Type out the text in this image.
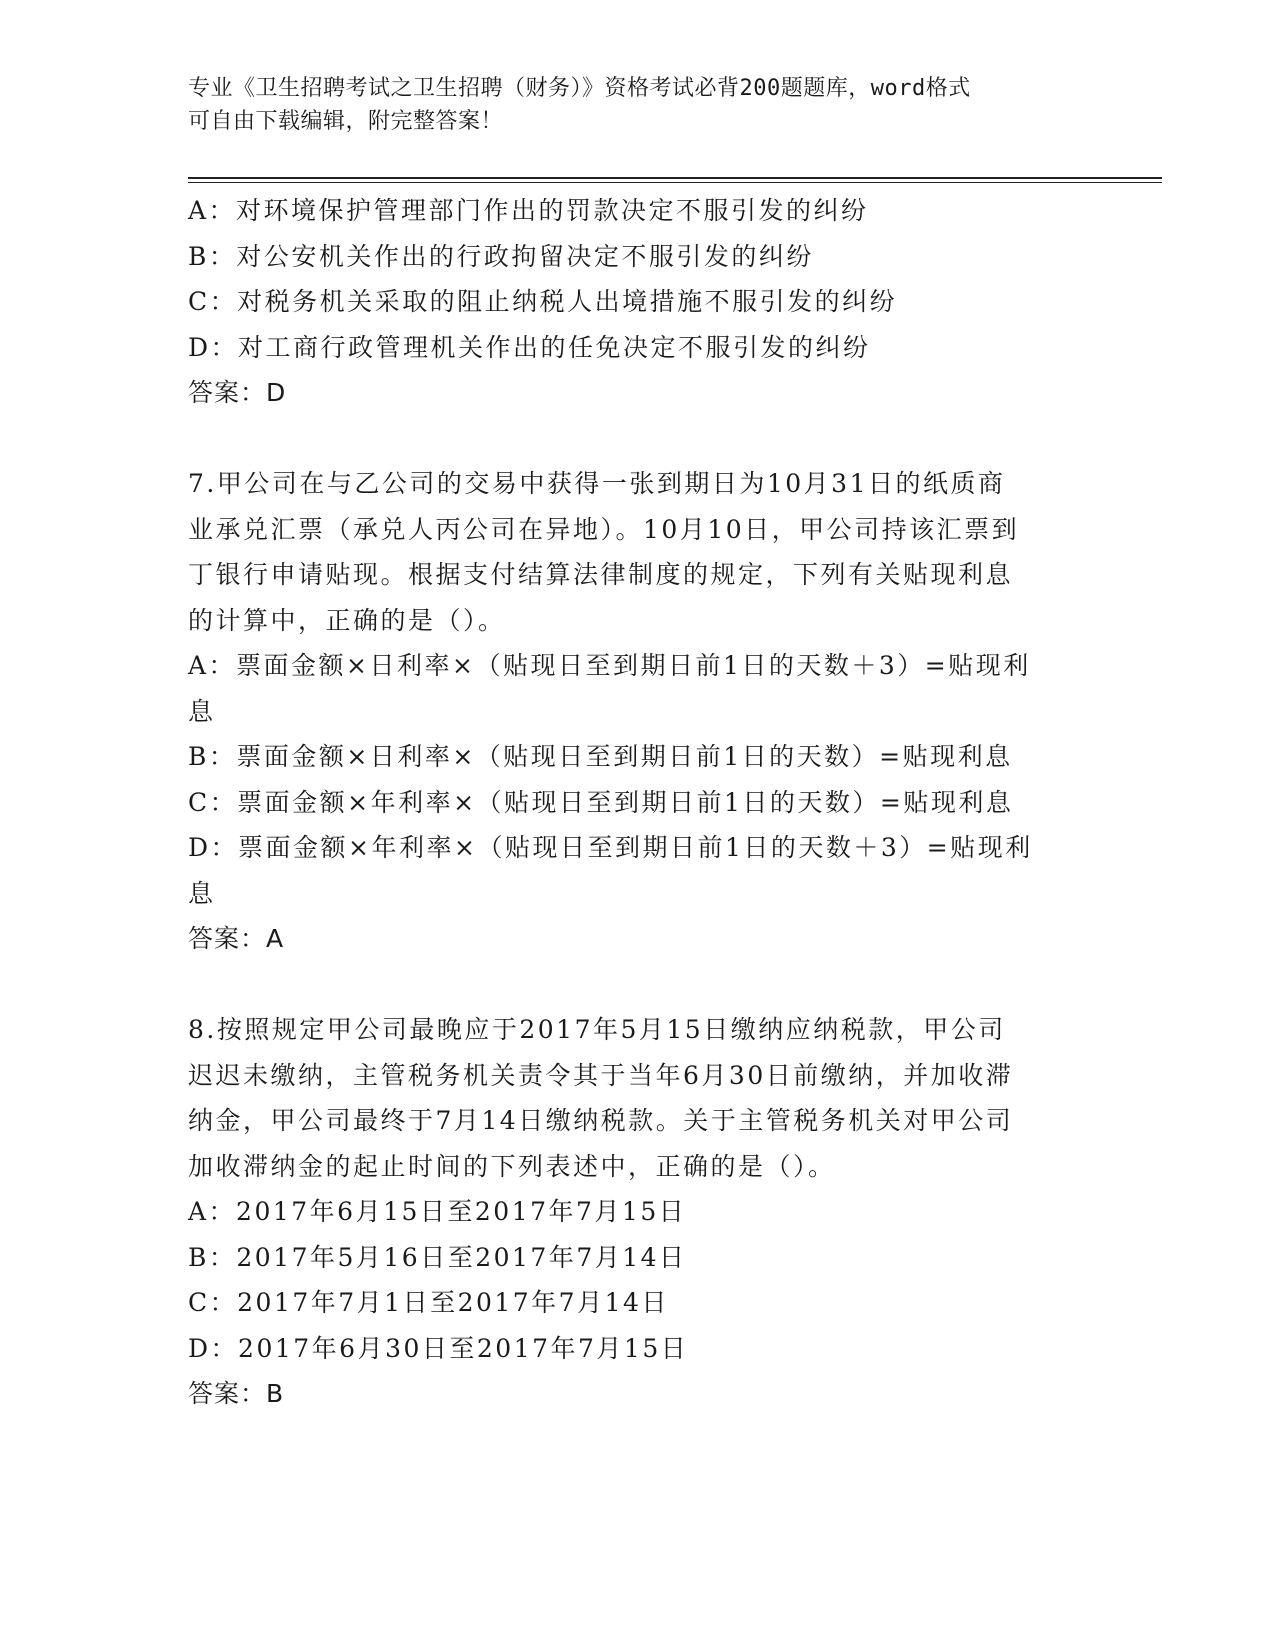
专业《卫生招聘考试之卫生招聘（财务）》资格考试必背200题题库，word格式
可自由下载编辑，附完整答案！

A：对环境保护管理部门作出的罚款决定不服引发的纠纷

B：对公安机关作出的行政拘留决定不服引发的纠纷

C：对税务机关采取的阻止纳税人出境措施不服引发的纠纷

D：对工商行政管理机关作出的任免决定不服引发的纠纷

答案：D

7.甲公司在与乙公司的交易中获得一张到期日为10月31日的纸质商

业承兑汇票（承兑人丙公司在异地）。10月10日，甲公司持该汇票到

丁银行申请贴现。根据支付结算法律制度的规定，下列有关贴现利息

的计算中，正确的是（）。

A：票面金额×日利率×（贴现日至到期日前1日的天数＋3）=贴现利

息

B：票面金额×日利率×（贴现日至到期日前1日的天数）=贴现利息

C：票面金额×年利率×（贴现日至到期日前1日的天数）=贴现利息

D：票面金额×年利率×（贴现日至到期日前1日的天数＋3）=贴现利

息

答案：A

8.按照规定甲公司最晚应于2017年5月15日缴纳应纳税款，甲公司

迟迟未缴纳，主管税务机关责令其于当年6月30日前缴纳，并加收滞

纳金，甲公司最终于7月14日缴纳税款。关于主管税务机关对甲公司

加收滞纳金的起止时间的下列表述中，正确的是（）。

A：2017年6月15日至2017年7月15日

B：2017年5月16日至2017年7月14日

C：2017年7月1日至2017年7月14日

D：2017年6月30日至2017年7月15日

答案：B
